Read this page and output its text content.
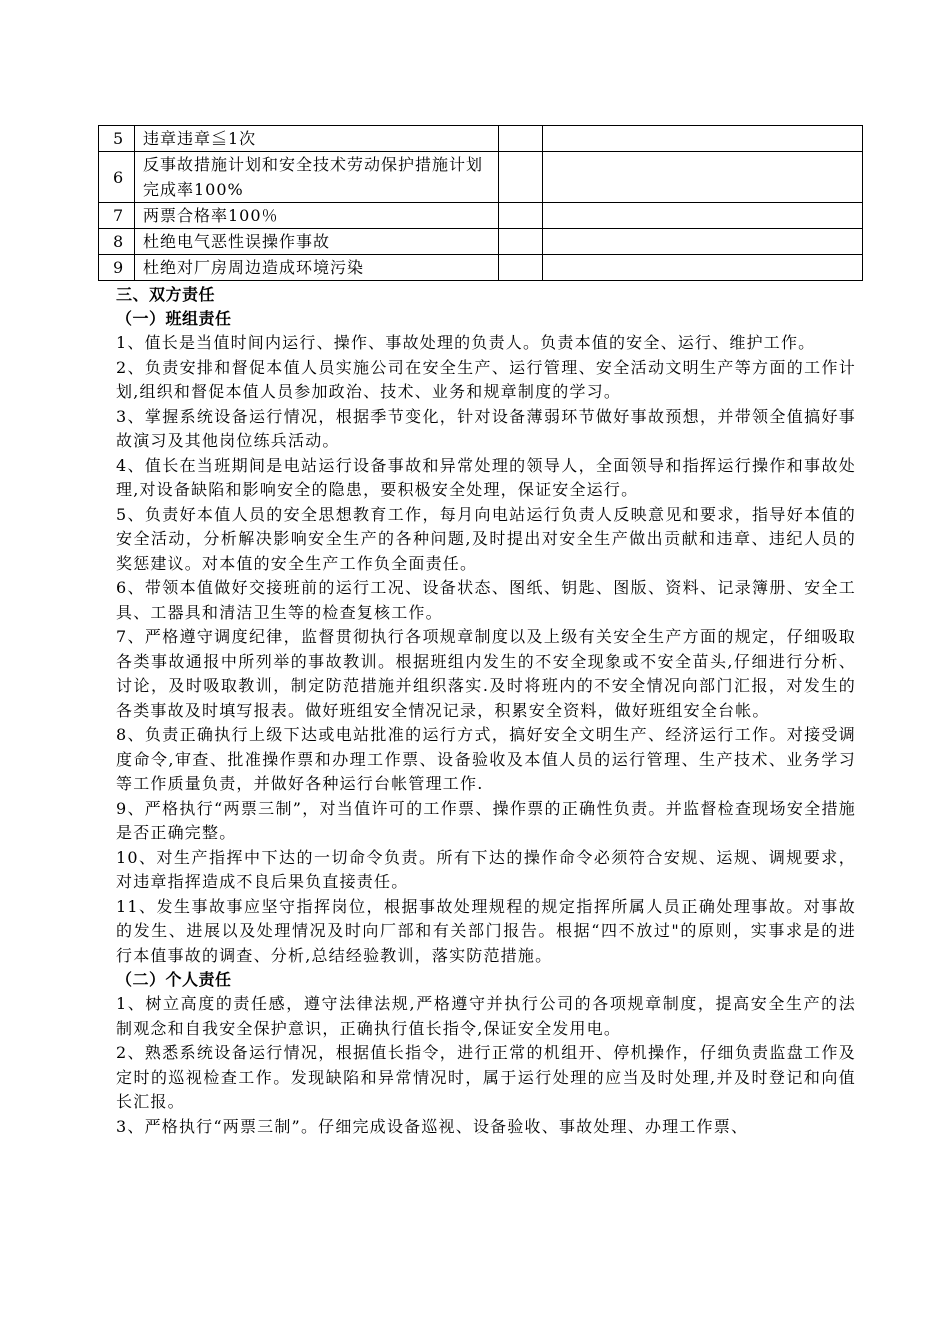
5	违章违章≦1次		
6	反事故措施计划和安全技术劳动保护措施计划完成率100%		
7	两票合格率100％		
8	杜绝电气恶性误操作事故		
9	杜绝对厂房周边造成环境污染		

三、双方责任

（一）班组责任

1、值长是当值时间内运行、操作、事故处理的负责人。负责本值的安全、运行、维护工作。

2、负责安排和督促本值人员实施公司在安全生产、运行管理、安全活动文明生产等方面的工作计划,组织和督促本值人员参加政治、技术、业务和规章制度的学习。

3、掌握系统设备运行情况，根据季节变化，针对设备薄弱环节做好事故预想，并带领全值搞好事故演习及其他岗位练兵活动。

4、值长在当班期间是电站运行设备事故和异常处理的领导人，全面领导和指挥运行操作和事故处理,对设备缺陷和影响安全的隐患，要积极安全处理，保证安全运行。

5、负责好本值人员的安全思想教育工作，每月向电站运行负责人反映意见和要求，指导好本值的安全活动，分析解决影响安全生产的各种问题,及时提出对安全生产做出贡献和违章、违纪人员的奖惩建议。对本值的安全生产工作负全面责任。

6、带领本值做好交接班前的运行工况、设备状态、图纸、钥匙、图版、资料、记录簿册、安全工具、工器具和清洁卫生等的检查复核工作。

7、严格遵守调度纪律，监督贯彻执行各项规章制度以及上级有关安全生产方面的规定，仔细吸取各类事故通报中所列举的事故教训。根据班组内发生的不安全现象或不安全苗头,仔细进行分析、讨论，及时吸取教训，制定防范措施并组织落实.及时将班内的不安全情况向部门汇报，对发生的各类事故及时填写报表。做好班组安全情况记录，积累安全资料，做好班组安全台帐。

8、负责正确执行上级下达或电站批准的运行方式，搞好安全文明生产、经济运行工作。对接受调度命令,审查、批准操作票和办理工作票、设备验收及本值人员的运行管理、生产技术、业务学习等工作质量负责，并做好各种运行台帐管理工作.

9、严格执行“两票三制”，对当值许可的工作票、操作票的正确性负责。并监督检查现场安全措施是否正确完整。

10、对生产指挥中下达的一切命令负责。所有下达的操作命令必须符合安规、运规、调规要求，对违章指挥造成不良后果负直接责任。

11、发生事故事应坚守指挥岗位，根据事故处理规程的规定指挥所属人员正确处理事故。对事故的发生、进展以及处理情况及时向厂部和有关部门报告。根据“四不放过"的原则，实事求是的进行本值事故的调查、分析,总结经验教训，落实防范措施。

（二）个人责任

1、树立高度的责任感，遵守法律法规,严格遵守并执行公司的各项规章制度，提高安全生产的法制观念和自我安全保护意识，正确执行值长指令,保证安全发用电。

2、熟悉系统设备运行情况，根据值长指令，进行正常的机组开、停机操作，仔细负责监盘工作及定时的巡视检查工作。发现缺陷和异常情况时，属于运行处理的应当及时处理,并及时登记和向值长汇报。

3、严格执行“两票三制”。仔细完成设备巡视、设备验收、事故处理、办理工作票、
